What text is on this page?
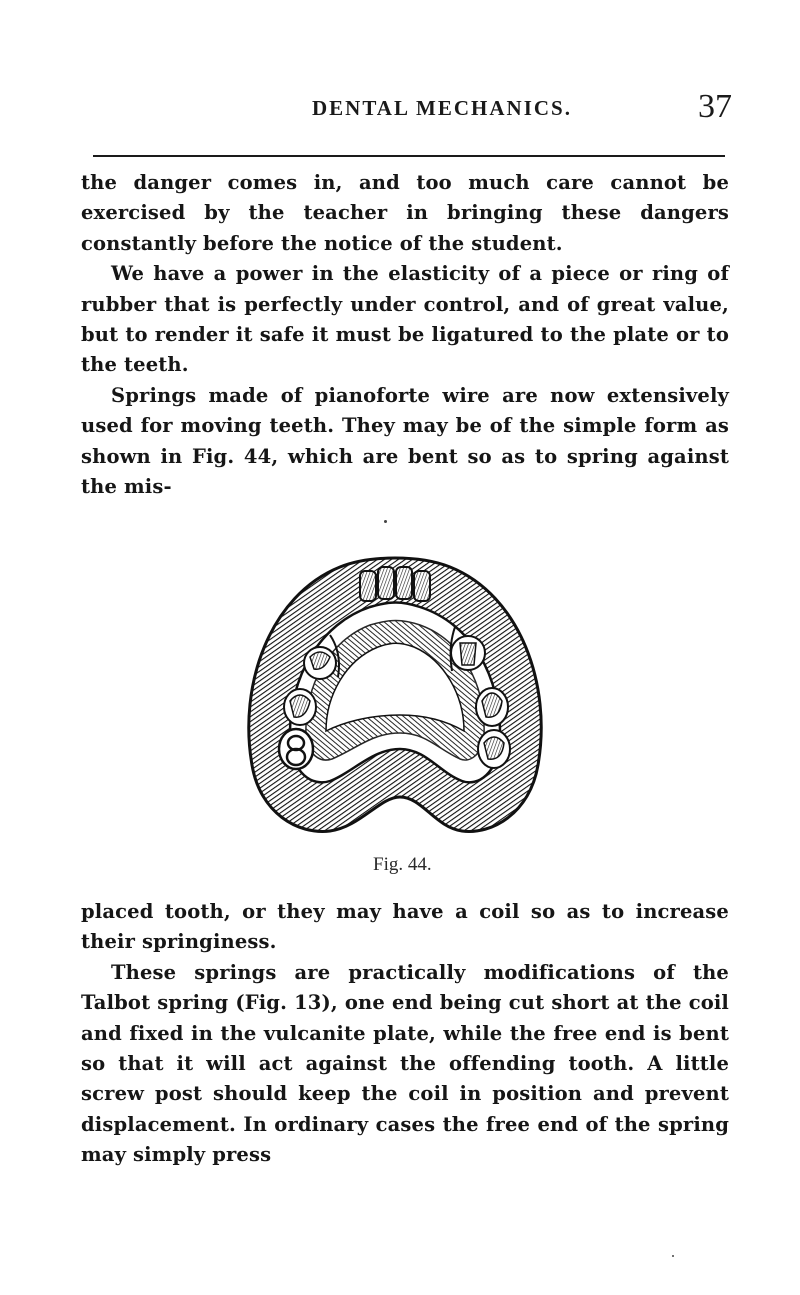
DENTAL MECHANICS.	37

the danger comes in, and too much care cannot be exercised by the teacher in bringing these dangers constantly before the notice of the student.

We have a power in the elasticity of a piece or ring of rubber that is perfectly under control, and of great value, but to render it safe it must be ligatured to the plate or to the teeth.

Springs made of pianoforte wire are now extensively used for moving teeth. They may be of the simple form as shown in Fig. 44, which are bent so as to spring against the mis-

Fig. 44.

placed tooth, or they may have a coil so as to increase their springiness.

These springs are practically modifications of the Talbot spring (Fig. 13), one end being cut short at the coil and fixed in the vulcanite plate, while the free end is bent so that it will act against the offending tooth. A little screw post should keep the coil in position and prevent displacement. In ordinary cases the free end of the spring may simply press
